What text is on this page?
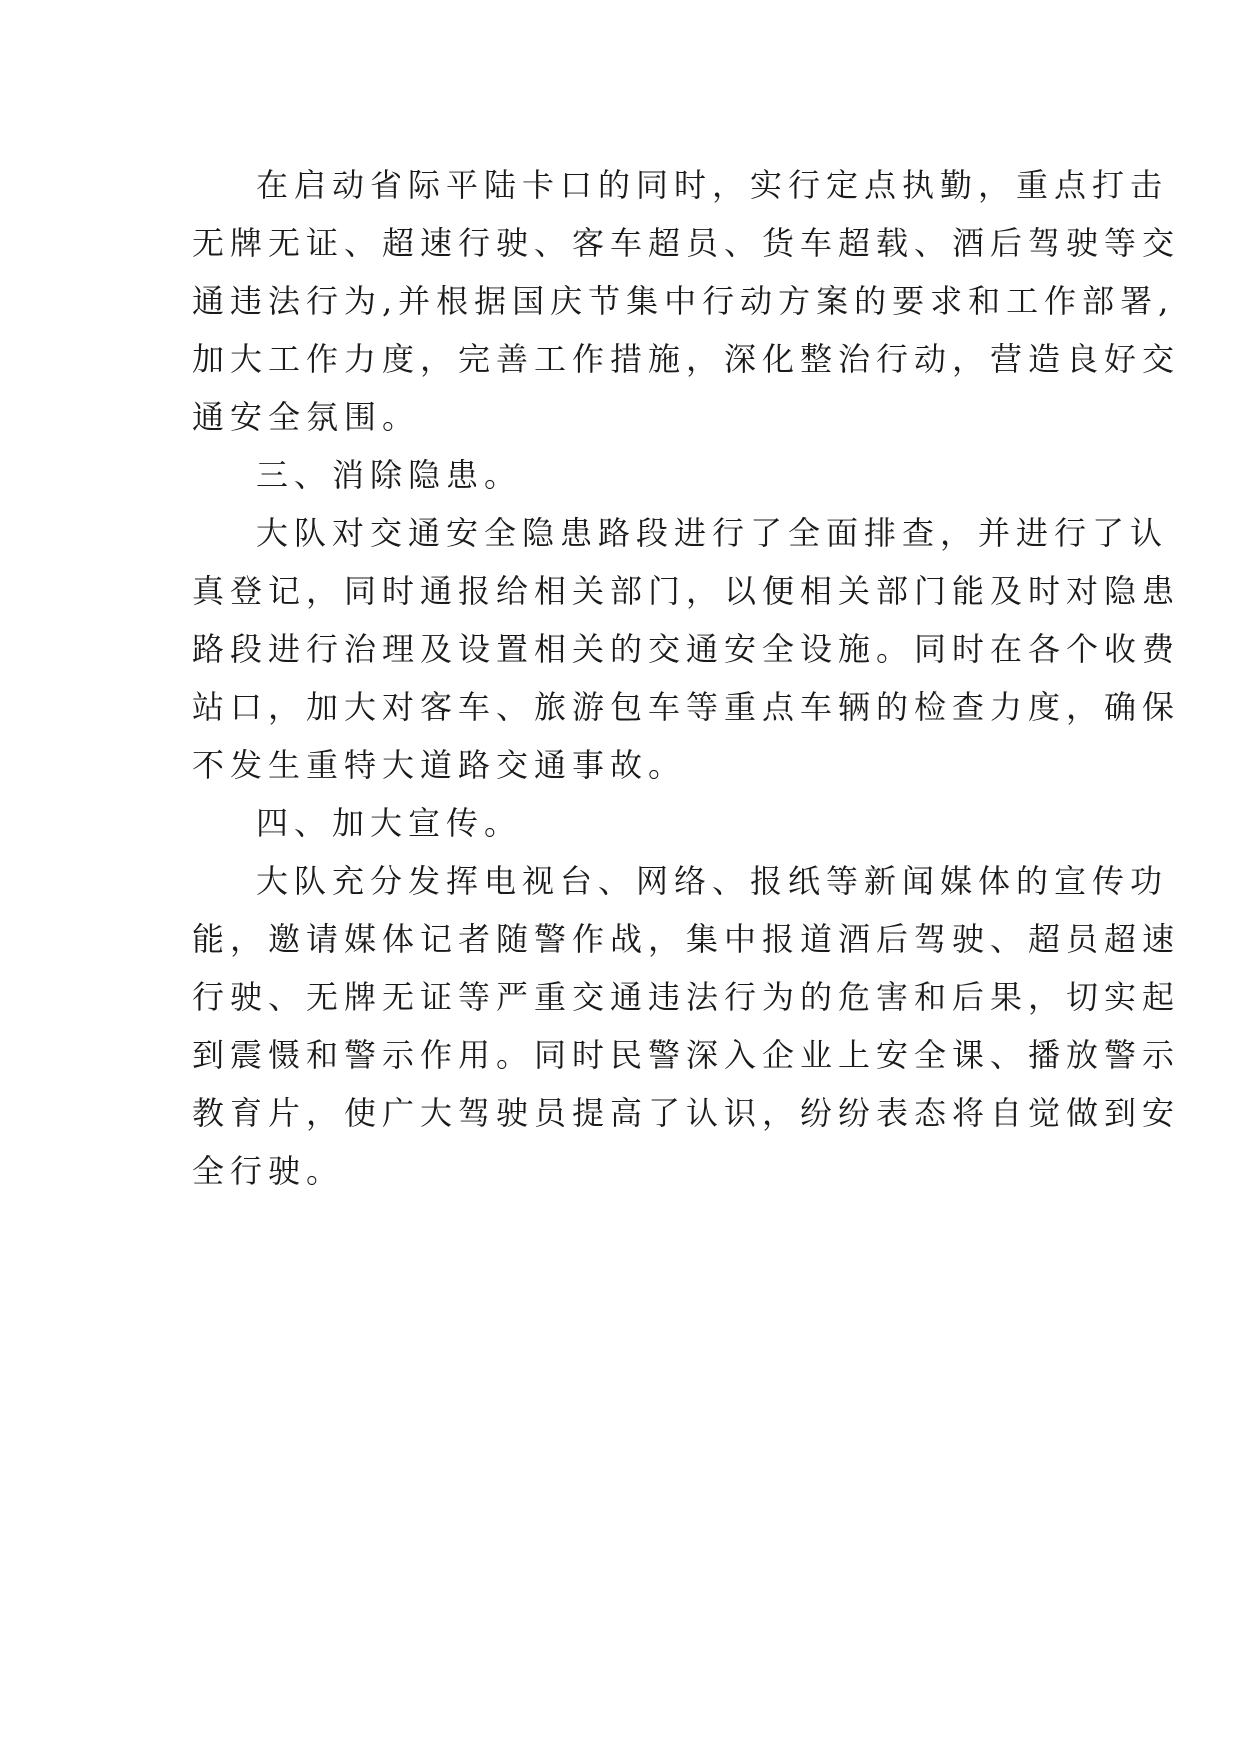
在启动省际平陆卡口的同时，实行定点执勤，重点打击
无牌无证、超速行驶、客车超员、货车超载、酒后驾驶等交
通违法行为,并根据国庆节集中行动方案的要求和工作部署,
加大工作力度，完善工作措施，深化整治行动，营造良好交
通安全氛围。
三、消除隐患。
大队对交通安全隐患路段进行了全面排查，并进行了认
真登记，同时通报给相关部门，以便相关部门能及时对隐患
路段进行治理及设置相关的交通安全设施。同时在各个收费
站口，加大对客车、旅游包车等重点车辆的检查力度，确保
不发生重特大道路交通事故。
四、加大宣传。
大队充分发挥电视台、网络、报纸等新闻媒体的宣传功
能，邀请媒体记者随警作战，集中报道酒后驾驶、超员超速
行驶、无牌无证等严重交通违法行为的危害和后果，切实起
到震慑和警示作用。同时民警深入企业上安全课、播放警示
教育片，使广大驾驶员提高了认识，纷纷表态将自觉做到安
全行驶。
